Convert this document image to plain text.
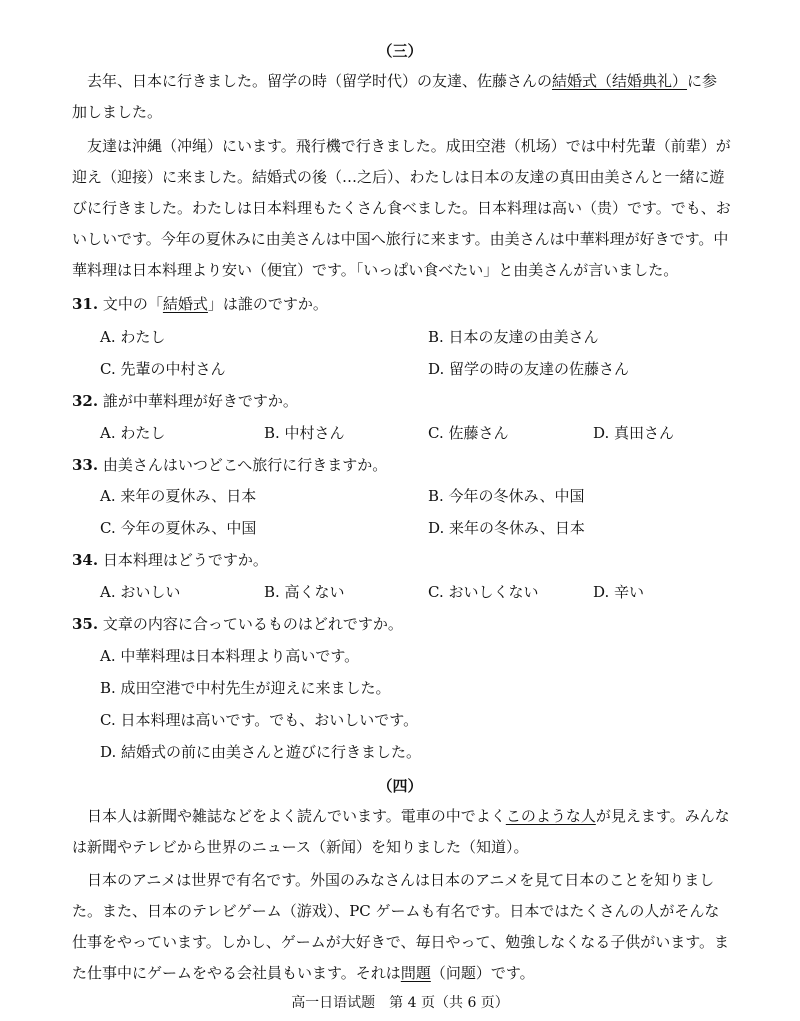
（三）
去年、日本に行きました。留学の時（留学时代）の友達、佐藤さんの結婚式（结婚典礼）に参加しました。
友達は沖縄（冲绳）にいます。飛行機で行きました。成田空港（机场）では中村先輩（前辈）が迎え（迎接）に来ました。結婚式の後（…之后）、わたしは日本の友達の真田由美さんと一緒に遊びに行きました。わたしは日本料理もたくさん食べました。日本料理は高い（贵）です。でも、おいしいです。今年の夏休みに由美さんは中国へ旅行に来ます。由美さんは中華料理が好きです。中華料理は日本料理より安い（便宜）です。「いっぱい食べたい」と由美さんが言いました。
31. 文中の「結婚式」は誰のですか。
A. わたし	B. 日本の友達の由美さん
C. 先輩の中村さん	D. 留学の時の友達の佐藤さん
32. 誰が中華料理が好きですか。
A. わたし	B. 中村さん	C. 佐藤さん	D. 真田さん
33. 由美さんはいつどこへ旅行に行きますか。
A. 来年の夏休み、日本	B. 今年の冬休み、中国
C. 今年の夏休み、中国	D. 来年の冬休み、日本
34. 日本料理はどうですか。
A. おいしい	B. 高くない	C. おいしくない	D. 辛い
35. 文章の内容に合っているものはどれですか。
A. 中華料理は日本料理より高いです。
B. 成田空港で中村先生が迎えに来ました。
C. 日本料理は高いです。でも、おいしいです。
D. 結婚式の前に由美さんと遊びに行きました。
（四）
日本人は新聞や雑誌などをよく読んでいます。電車の中でよくこのような人が見えます。みんなは新聞やテレビから世界のニュース（新闻）を知りました（知道）。
日本のアニメは世界で有名です。外国のみなさんは日本のアニメを見て日本のことを知りました。また、日本のテレビゲーム（游戏）、PC ゲームも有名です。日本ではたくさんの人がそんな仕事をやっています。しかし、ゲームが大好きで、毎日やって、勉強しなくなる子供がいます。また仕事中にゲームをやる会社員もいます。それは問題（问题）です。
高一日语试题　第 4 页（共 6 页）
